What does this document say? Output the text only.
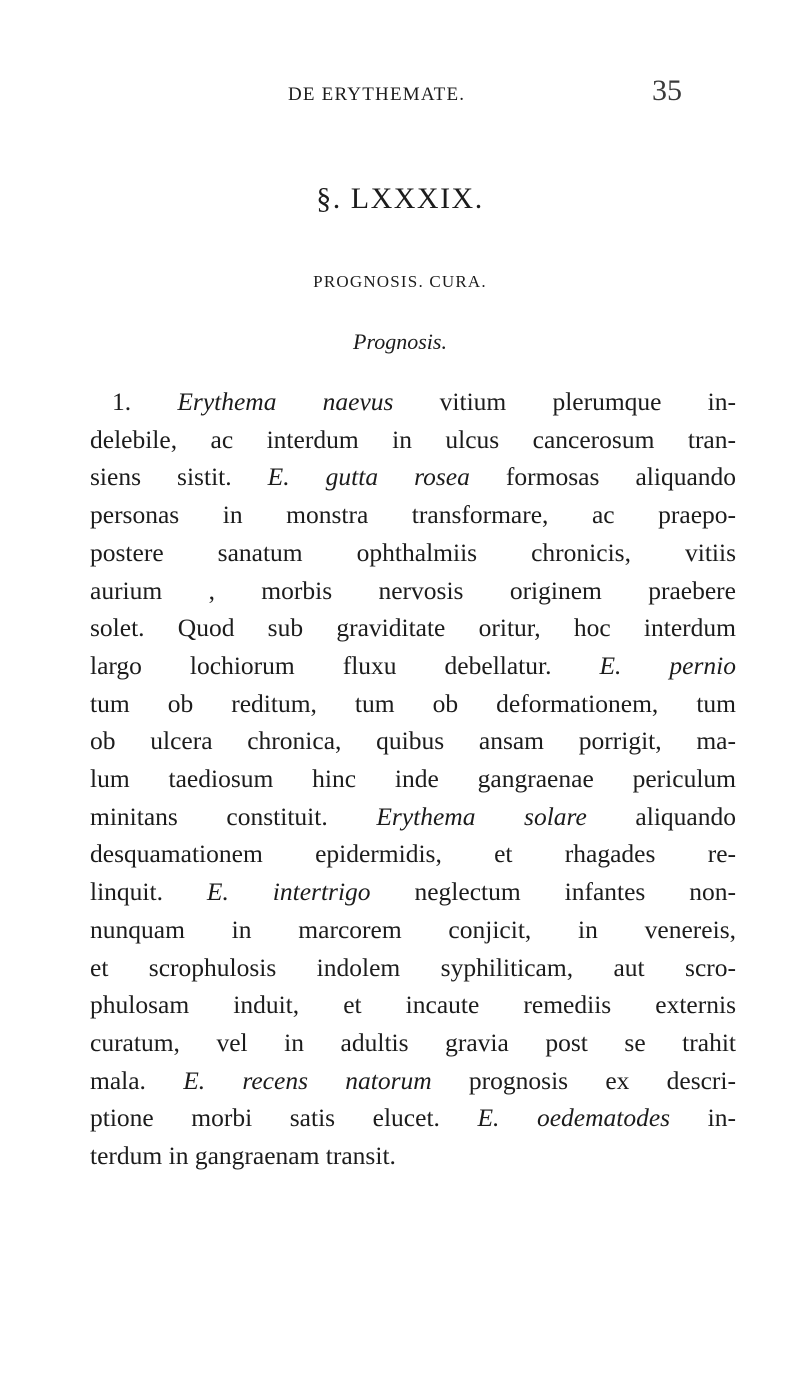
DE ERYTHEMATE.	35
§. LXXXIX.
PROGNOSIS. CURA.
Prognosis.
1. Erythema naevus vitium plerumque in-
delebile, ac interdum in ulcus cancerosum tran-
siens sistit. E. gutta rosea formosas aliquando
personas in monstra transformare, ac praepo-
postere sanatum ophthalmiis chronicis, vitiis
aurium , morbis nervosis originem praebere
solet. Quod sub graviditate oritur, hoc interdum
largo lochiorum fluxu debellatur. E. pernio
tum ob reditum, tum ob deformationem, tum
ob ulcera chronica, quibus ansam porrigit, ma-
lum taediosum hinc inde gangraenae periculum
minitans constituit. Erythema solare aliquando
desquamationem epidermidis, et rhagades re-
linquit. E. intertrigo neglectum infantes non-
nunquam in marcorem conjicit, in venereis,
et scrophulosis indolem syphiliticam, aut scro-
phulosam induit, et incaute remediis externis
curatum, vel in adultis gravia post se trahit
mala. E. recens natorum prognosis ex descri-
ptione morbi satis elucet. E. oedematodes in-
terdum in gangraenam transit.
